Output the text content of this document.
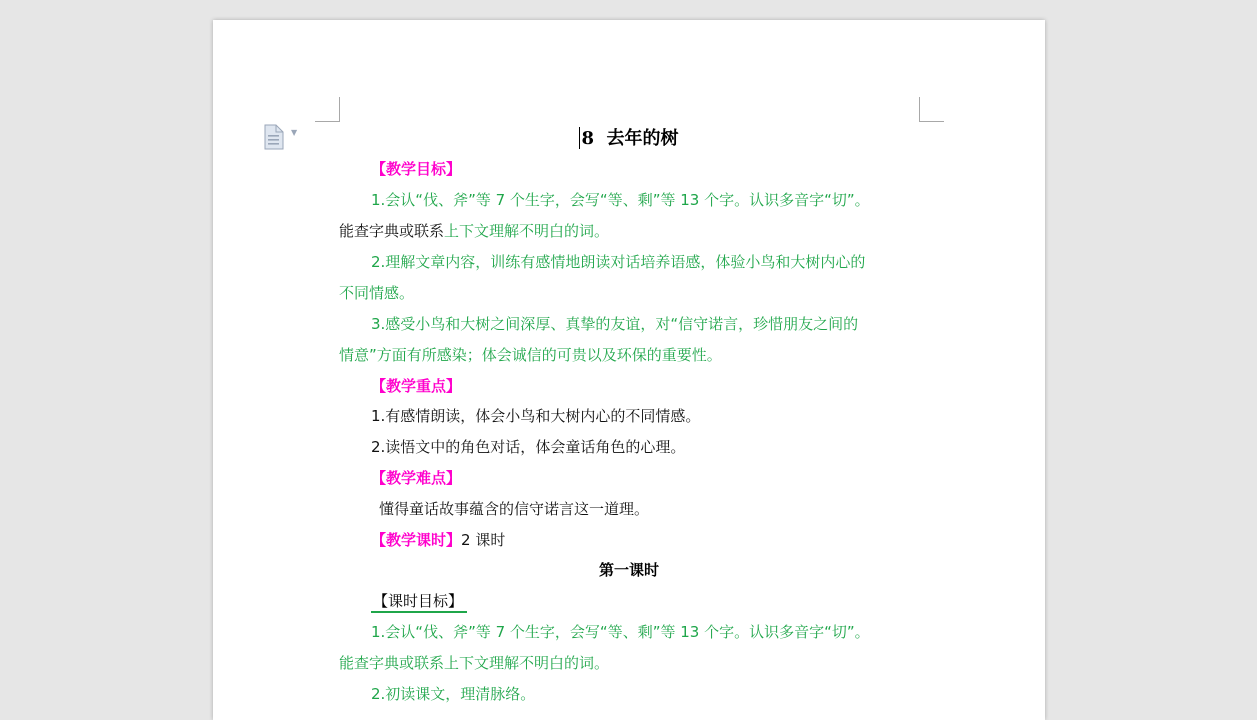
▼	8 去年的树
【教学目标】
1.会认“伐、斧”等 7 个生字，会写“等、剩”等 13 个字。认识多音字“切”。
能查字典或联系上下文理解不明白的词。
2.理解文章内容，训练有感情地朗读对话培养语感，体验小鸟和大树内心的
不同情感。
3.感受小鸟和大树之间深厚、真挚的友谊，对“信守诺言，珍惜朋友之间的
情意”方面有所感染；体会诚信的可贵以及环保的重要性。
【教学重点】
1.有感情朗读，体会小鸟和大树内心的不同情感。
2.读悟文中的角色对话，体会童话角色的心理。
【教学难点】
懂得童话故事蕴含的信守诺言这一道理。
【教学课时】2 课时
第一课时
【课时目标】
1.会认“伐、斧”等 7 个生字，会写“等、剩”等 13 个字。认识多音字“切”。
能查字典或联系上下文理解不明白的词。
2.初读课文，理清脉络。
